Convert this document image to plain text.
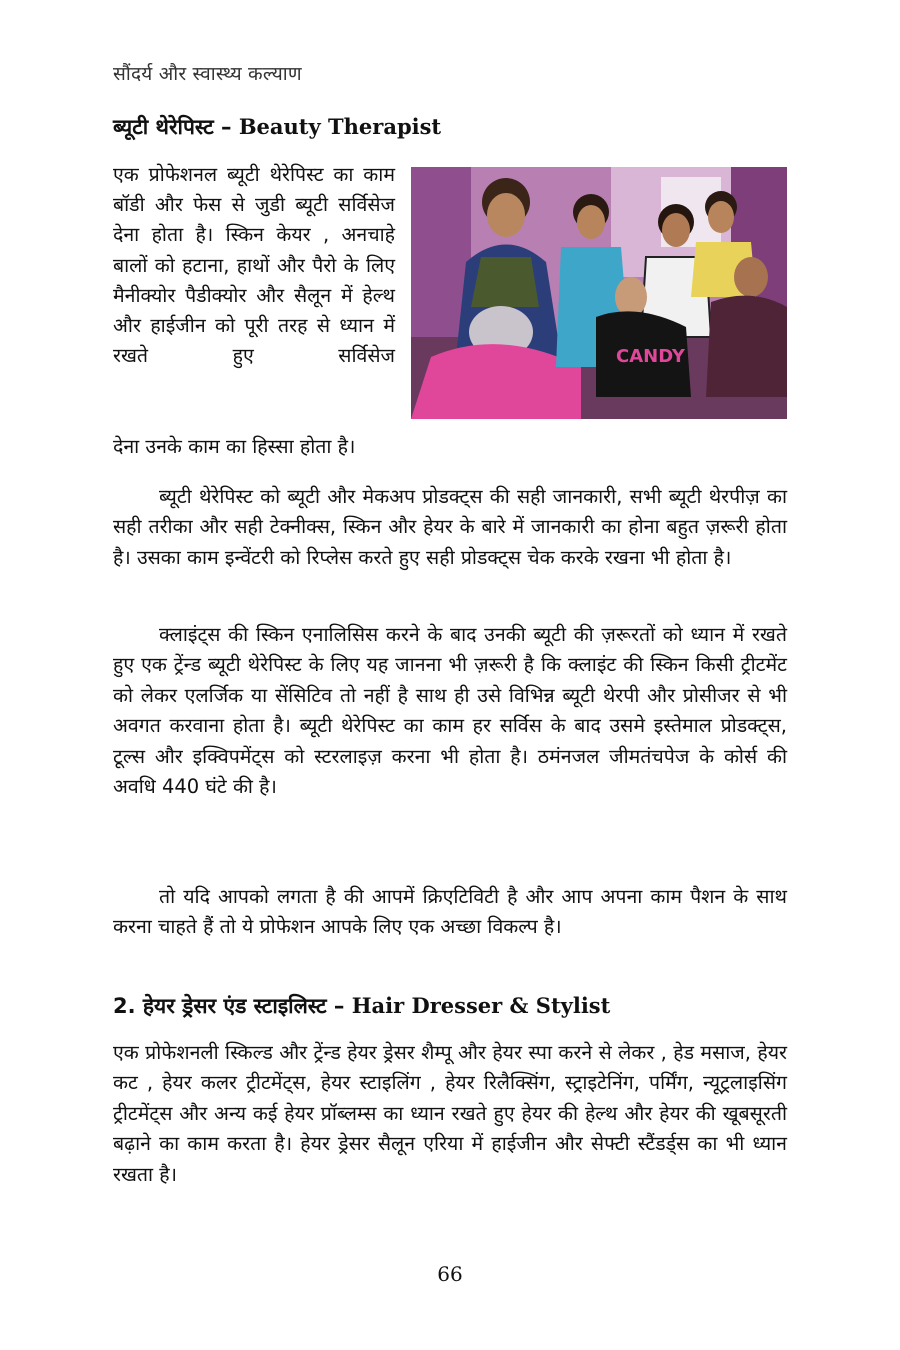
सौंदर्य और स्वास्थ्य कल्याण
ब्यूटी थेरेपिस्ट – Beauty Therapist
एक प्रोफेशनल ब्यूटी थेरेपिस्ट का काम बॉडी और फेस से जुडी ब्यूटी सर्विसेज देना होता है। स्किन केयर , अनचाहे बालों को हटाना, हाथों और पैरो के लिए मैनीक्योर पैडीक्योर और सैलून में हेल्थ और हाईजीन को पूरी तरह से ध्यान में रखते हुए सर्विसेज
देना उनके काम का हिस्सा होता है।
CANDY
ब्यूटी थेरेपिस्ट को ब्यूटी और मेकअप प्रोडक्ट्स की सही जानकारी, सभी ब्यूटी थेरपीज़ का सही तरीका और सही टेक्नीक्स, स्किन और हेयर के बारे में जानकारी का होना बहुत ज़रूरी होता है। उसका काम इन्वेंटरी को रिप्लेस करते हुए सही प्रोडक्ट्स चेक करके रखना भी होता है।
क्लाइंट्स की स्किन एनालिसिस करने के बाद उनकी ब्यूटी की ज़रूरतों को ध्यान में रखते हुए एक ट्रेंन्ड ब्यूटी थेरेपिस्ट के लिए यह जानना भी ज़रूरी है कि क्लाइंट की स्किन किसी ट्रीटमेंट को लेकर एलर्जिक या सेंसिटिव तो नहीं है साथ ही उसे विभिन्न ब्यूटी थेरपी और प्रोसीजर से भी अवगत करवाना होता है। ब्यूटी थेरेपिस्ट का काम हर सर्विस के बाद उसमे इस्तेमाल प्रोडक्ट्स, टूल्स और इक्विपमेंट्स को स्टरलाइज़ करना भी होता है। ठमंनजल जीमतंचपेज के कोर्स की अवधि 440 घंटे की है।
तो यदि आपको लगता है की आपमें क्रिएटिविटी है और आप अपना काम पैशन के साथ करना चाहते हैं तो ये प्रोफेशन आपके लिए एक अच्छा विकल्प है।
2. हेयर ड्रेसर एंड स्टाइलिस्ट – Hair Dresser & Stylist
एक प्रोफेशनली स्किल्ड और ट्रेंन्ड हेयर ड्रेसर शैम्पू और हेयर स्पा करने से लेकर , हेड मसाज, हेयर कट , हेयर कलर ट्रीटमेंट्स, हेयर स्टाइलिंग , हेयर रिलैक्सिंग, स्ट्राइटेनिंग, पर्मिंग, न्यूट्रलाइसिंग ट्रीटमेंट्स और अन्य कई हेयर प्रॉब्लम्स का ध्यान रखते हुए हेयर की हेल्थ और हेयर की खूबसूरती बढ़ाने का काम करता है। हेयर ड्रेसर सैलून एरिया में हाईजीन और सेफ्टी स्टैंडर्ड्स का भी ध्यान रखता है।
66
